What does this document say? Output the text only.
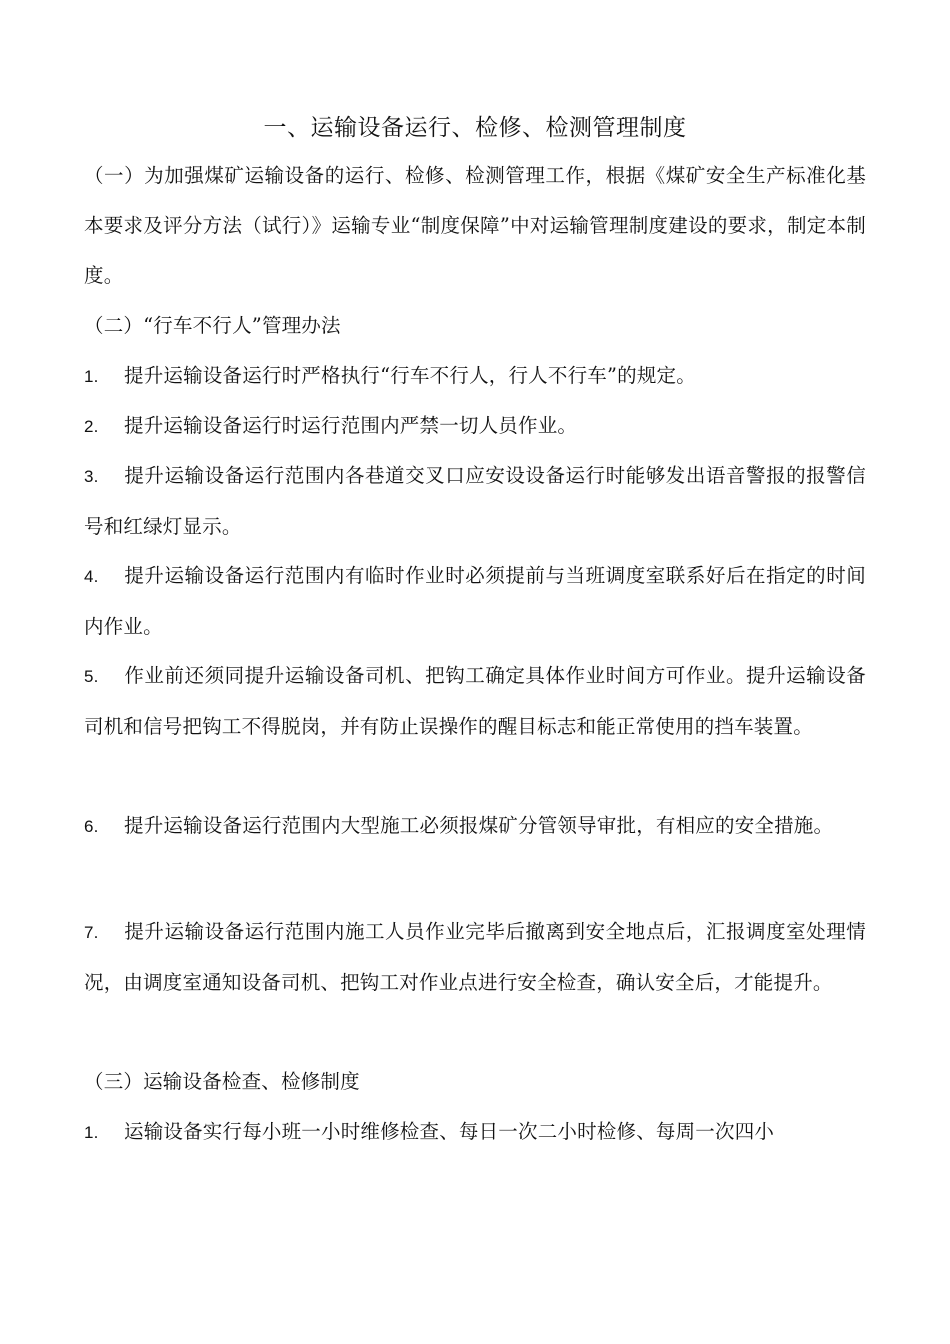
一、运输设备运行、检修、检测管理制度
（一）为加强煤矿运输设备的运行、检修、检测管理工作，根据《煤矿安全生产标准化基本要求及评分方法（试行）》运输专业“制度保障”中对运输管理制度建设的要求，制定本制度。
（二）“行车不行人”管理办法
1. 提升运输设备运行时严格执行“行车不行人，行人不行车”的规定。
2. 提升运输设备运行时运行范围内严禁一切人员作业。
3. 提升运输设备运行范围内各巷道交叉口应安设设备运行时能够发出语音警报的报警信号和红绿灯显示。
4. 提升运输设备运行范围内有临时作业时必须提前与当班调度室联系好后在指定的时间内作业。
5. 作业前还须同提升运输设备司机、把钩工确定具体作业时间方可作业。提升运输设备司机和信号把钩工不得脱岗，并有防止误操作的醒目标志和能正常使用的挡车装置。
6. 提升运输设备运行范围内大型施工必须报煤矿分管领导审批，有相应的安全措施。
7. 提升运输设备运行范围内施工人员作业完毕后撤离到安全地点后，汇报调度室处理情况，由调度室通知设备司机、把钩工对作业点进行安全检查，确认安全后，才能提升。
（三）运输设备检查、检修制度
1. 运输设备实行每小班一小时维修检查、每日一次二小时检修、每周一次四小
